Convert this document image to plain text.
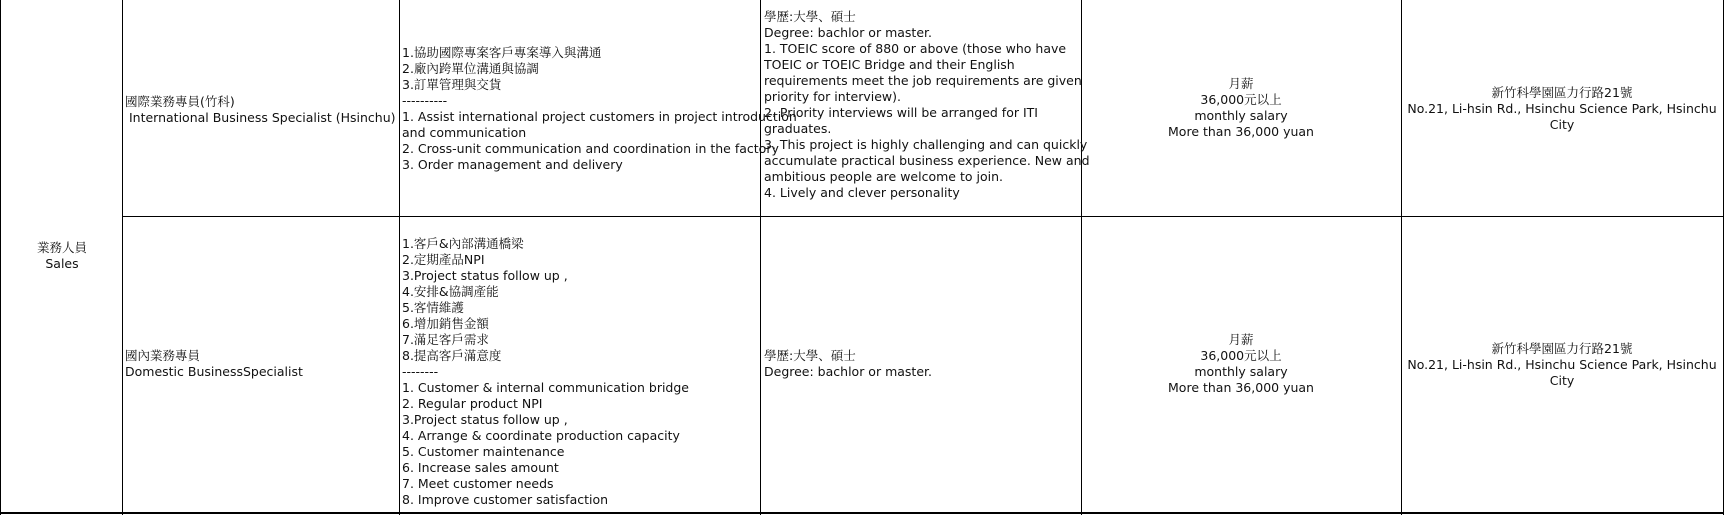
業務人員
Sales
國際業務專員(竹科)
International Business Specialist (Hsinchu)
1.協助國際專案客戶專案導入與溝通
2.廠內跨單位溝通與協調
3.訂單管理與交貨
----------
1. Assist international project customers in project introduction
and communication
2. Cross-unit communication and coordination in the factory
3. Order management and delivery
學歷:大學、碩士
Degree: bachlor or master.
1. TOEIC score of 880 or above (those who have
TOEIC or TOEIC Bridge and their English
requirements meet the job requirements are given
priority for interview).
2. Priority interviews will be arranged for ITI
graduates.
3. This project is highly challenging and can quickly
accumulate practical business experience. New and
ambitious people are welcome to join.
4. Lively and clever personality
月薪
36,000元以上
monthly salary
More than 36,000 yuan
新竹科學園區力行路21號
No.21, Li-hsin Rd., Hsinchu Science Park, Hsinchu
City
國內業務專員
Domestic BusinessSpecialist
1.客戶&內部溝通橋梁
2.定期產品NPI
3.Project status follow up ,
4.安排&協調產能
5.客情維護
6.增加銷售金額
7.滿足客戶需求
8.提高客戶滿意度
--------
1. Customer & internal communication bridge
2. Regular product NPI
3.Project status follow up ,
4. Arrange & coordinate production capacity
5. Customer maintenance
6. Increase sales amount
7. Meet customer needs
8. Improve customer satisfaction
學歷:大學、碩士
Degree: bachlor or master.
月薪
36,000元以上
monthly salary
More than 36,000 yuan
新竹科學園區力行路21號
No.21, Li-hsin Rd., Hsinchu Science Park, Hsinchu
City
